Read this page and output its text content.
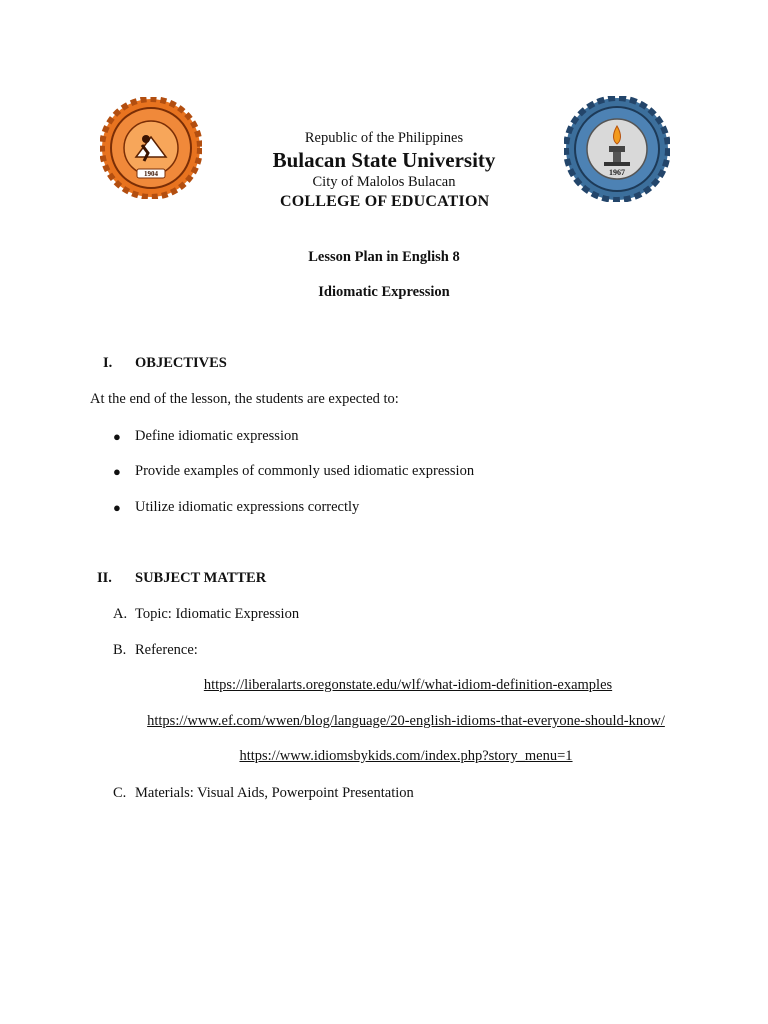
1904	1967
Republic of the Philippines
Bulacan State University
City of Malolos Bulacan
COLLEGE OF EDUCATION
Lesson Plan in English 8
Idiomatic Expression
I. OBJECTIVES
At the end of the lesson, the students are expected to:
● Define idiomatic expression
● Provide examples of commonly used idiomatic expression
● Utilize idiomatic expressions correctly
II. SUBJECT MATTER
A. Topic: Idiomatic Expression
B. Reference:
https://liberalarts.oregonstate.edu/wlf/what-idiom-definition-examples
https://www.ef.com/wwen/blog/language/20-english-idioms-that-everyone-should-know/
https://www.idiomsbykids.com/index.php?story_menu=1
C. Materials: Visual Aids, Powerpoint Presentation
